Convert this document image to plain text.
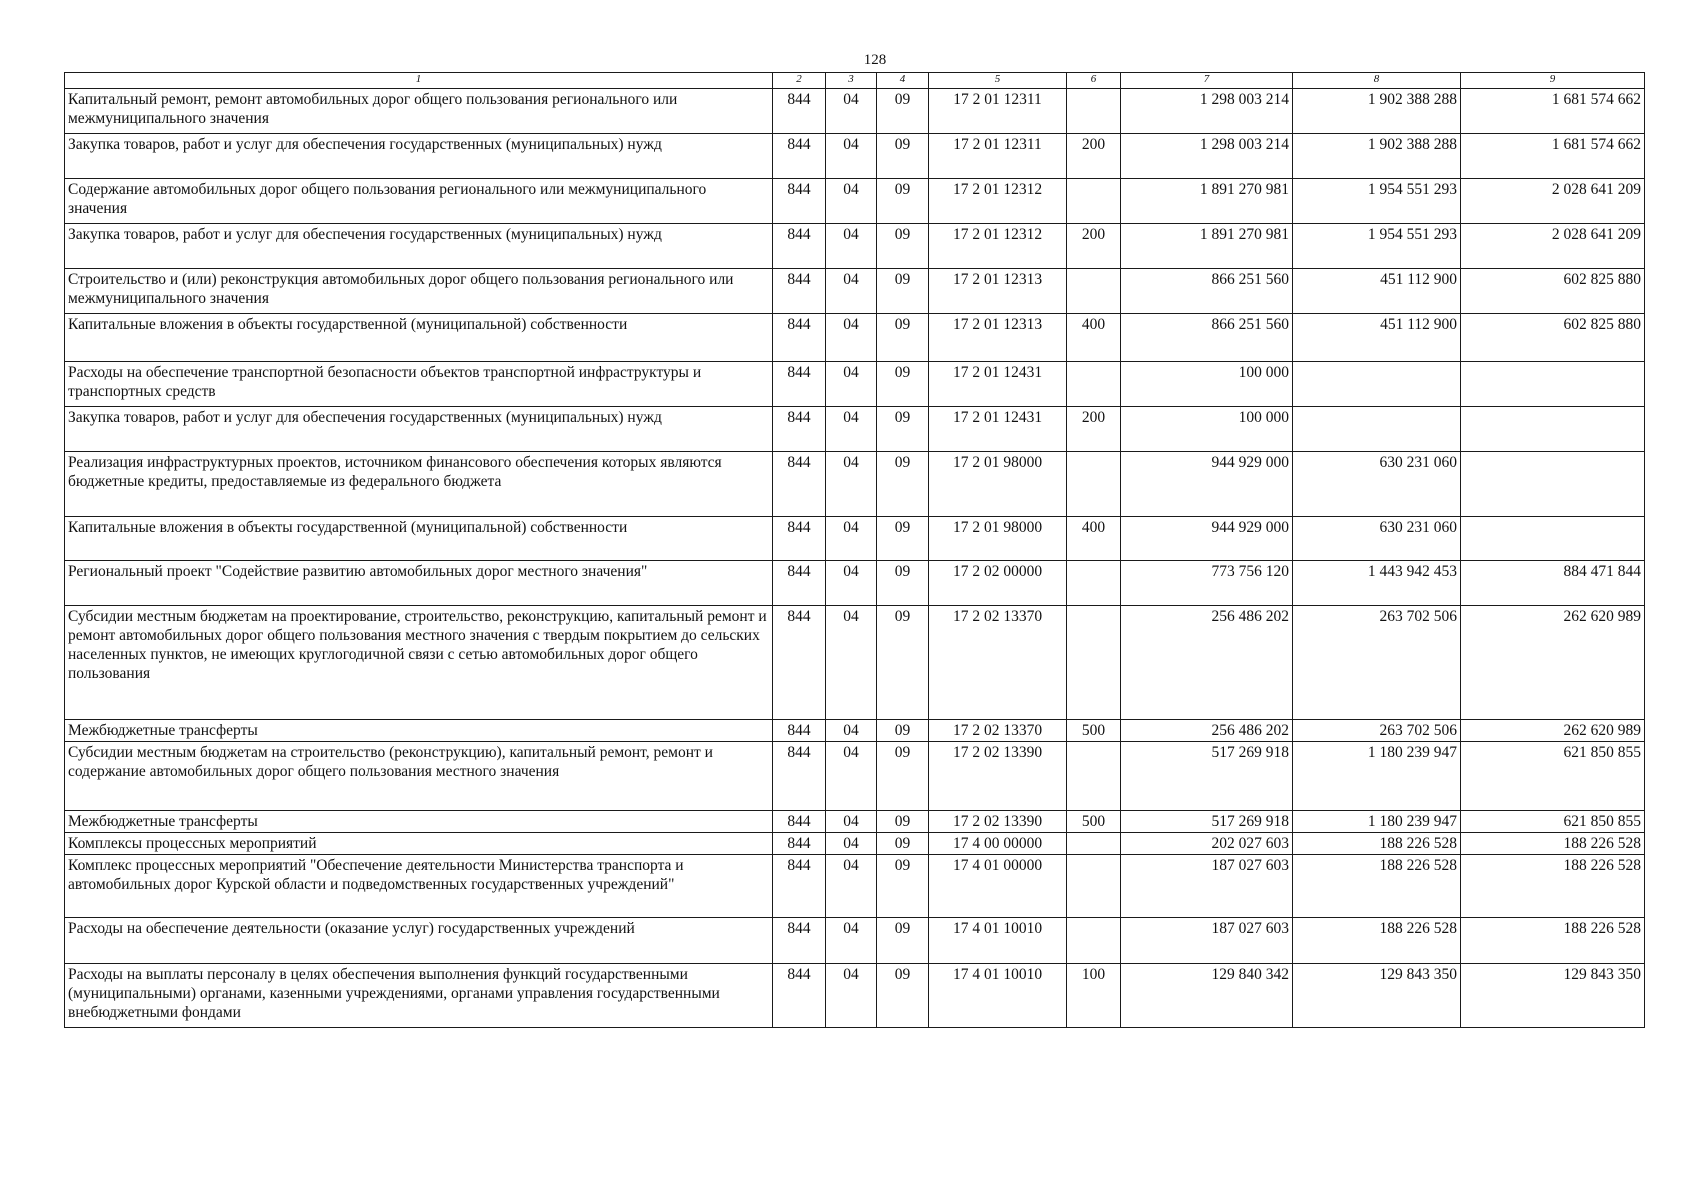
128
1	2	3	4	5	6	7	8	9
Капитальный ремонт, ремонт автомобильных дорог общего пользования регионального или межмуниципального значения	844	04	09	17 2 01 12311		1 298 003 214	1 902 388 288	1 681 574 662
Закупка товаров, работ и услуг для обеспечения государственных (муниципальных) нужд	844	04	09	17 2 01 12311	200	1 298 003 214	1 902 388 288	1 681 574 662
Содержание автомобильных дорог общего пользования регионального или межмуниципального значения	844	04	09	17 2 01 12312		1 891 270 981	1 954 551 293	2 028 641 209
Закупка товаров, работ и услуг для обеспечения государственных (муниципальных) нужд	844	04	09	17 2 01 12312	200	1 891 270 981	1 954 551 293	2 028 641 209
Строительство и (или) реконструкция автомобильных дорог общего пользования регионального или межмуниципального значения	844	04	09	17 2 01 12313		866 251 560	451 112 900	602 825 880
Капитальные вложения в объекты государственной (муниципальной) собственности	844	04	09	17 2 01 12313	400	866 251 560	451 112 900	602 825 880
Расходы на обеспечение транспортной безопасности объектов транспортной инфраструктуры и транспортных средств	844	04	09	17 2 01 12431		100 000		
Закупка товаров, работ и услуг для обеспечения государственных (муниципальных) нужд	844	04	09	17 2 01 12431	200	100 000		
Реализация инфраструктурных проектов, источником финансового обеспечения которых являются бюджетные кредиты, предоставляемые из федерального бюджета	844	04	09	17 2 01 98000		944 929 000	630 231 060	
Капитальные вложения в объекты государственной (муниципальной) собственности	844	04	09	17 2 01 98000	400	944 929 000	630 231 060	
Региональный проект "Содействие развитию автомобильных дорог местного значения"	844	04	09	17 2 02 00000		773 756 120	1 443 942 453	884 471 844
Субсидии местным бюджетам на проектирование, строительство, реконструкцию, капитальный ремонт и ремонт автомобильных дорог общего пользования местного значения с твердым покрытием до сельских населенных пунктов, не имеющих круглогодичной связи с сетью автомобильных дорог общего пользования	844	04	09	17 2 02 13370		256 486 202	263 702 506	262 620 989
Межбюджетные трансферты	844	04	09	17 2 02 13370	500	256 486 202	263 702 506	262 620 989
Субсидии местным бюджетам на строительство (реконструкцию), капитальный ремонт, ремонт и содержание автомобильных дорог общего пользования местного значения	844	04	09	17 2 02 13390		517 269 918	1 180 239 947	621 850 855
Межбюджетные трансферты	844	04	09	17 2 02 13390	500	517 269 918	1 180 239 947	621 850 855
Комплексы процессных мероприятий	844	04	09	17 4 00 00000		202 027 603	188 226 528	188 226 528
Комплекс процессных мероприятий "Обеспечение деятельности Министерства транспорта и автомобильных дорог Курской области и подведомственных государственных учреждений"	844	04	09	17 4 01 00000		187 027 603	188 226 528	188 226 528
Расходы на обеспечение деятельности (оказание услуг) государственных учреждений	844	04	09	17 4 01 10010		187 027 603	188 226 528	188 226 528
Расходы на выплаты персоналу в целях обеспечения выполнения функций государственными (муниципальными) органами, казенными учреждениями, органами управления государственными внебюджетными фондами	844	04	09	17 4 01 10010	100	129 840 342	129 843 350	129 843 350
